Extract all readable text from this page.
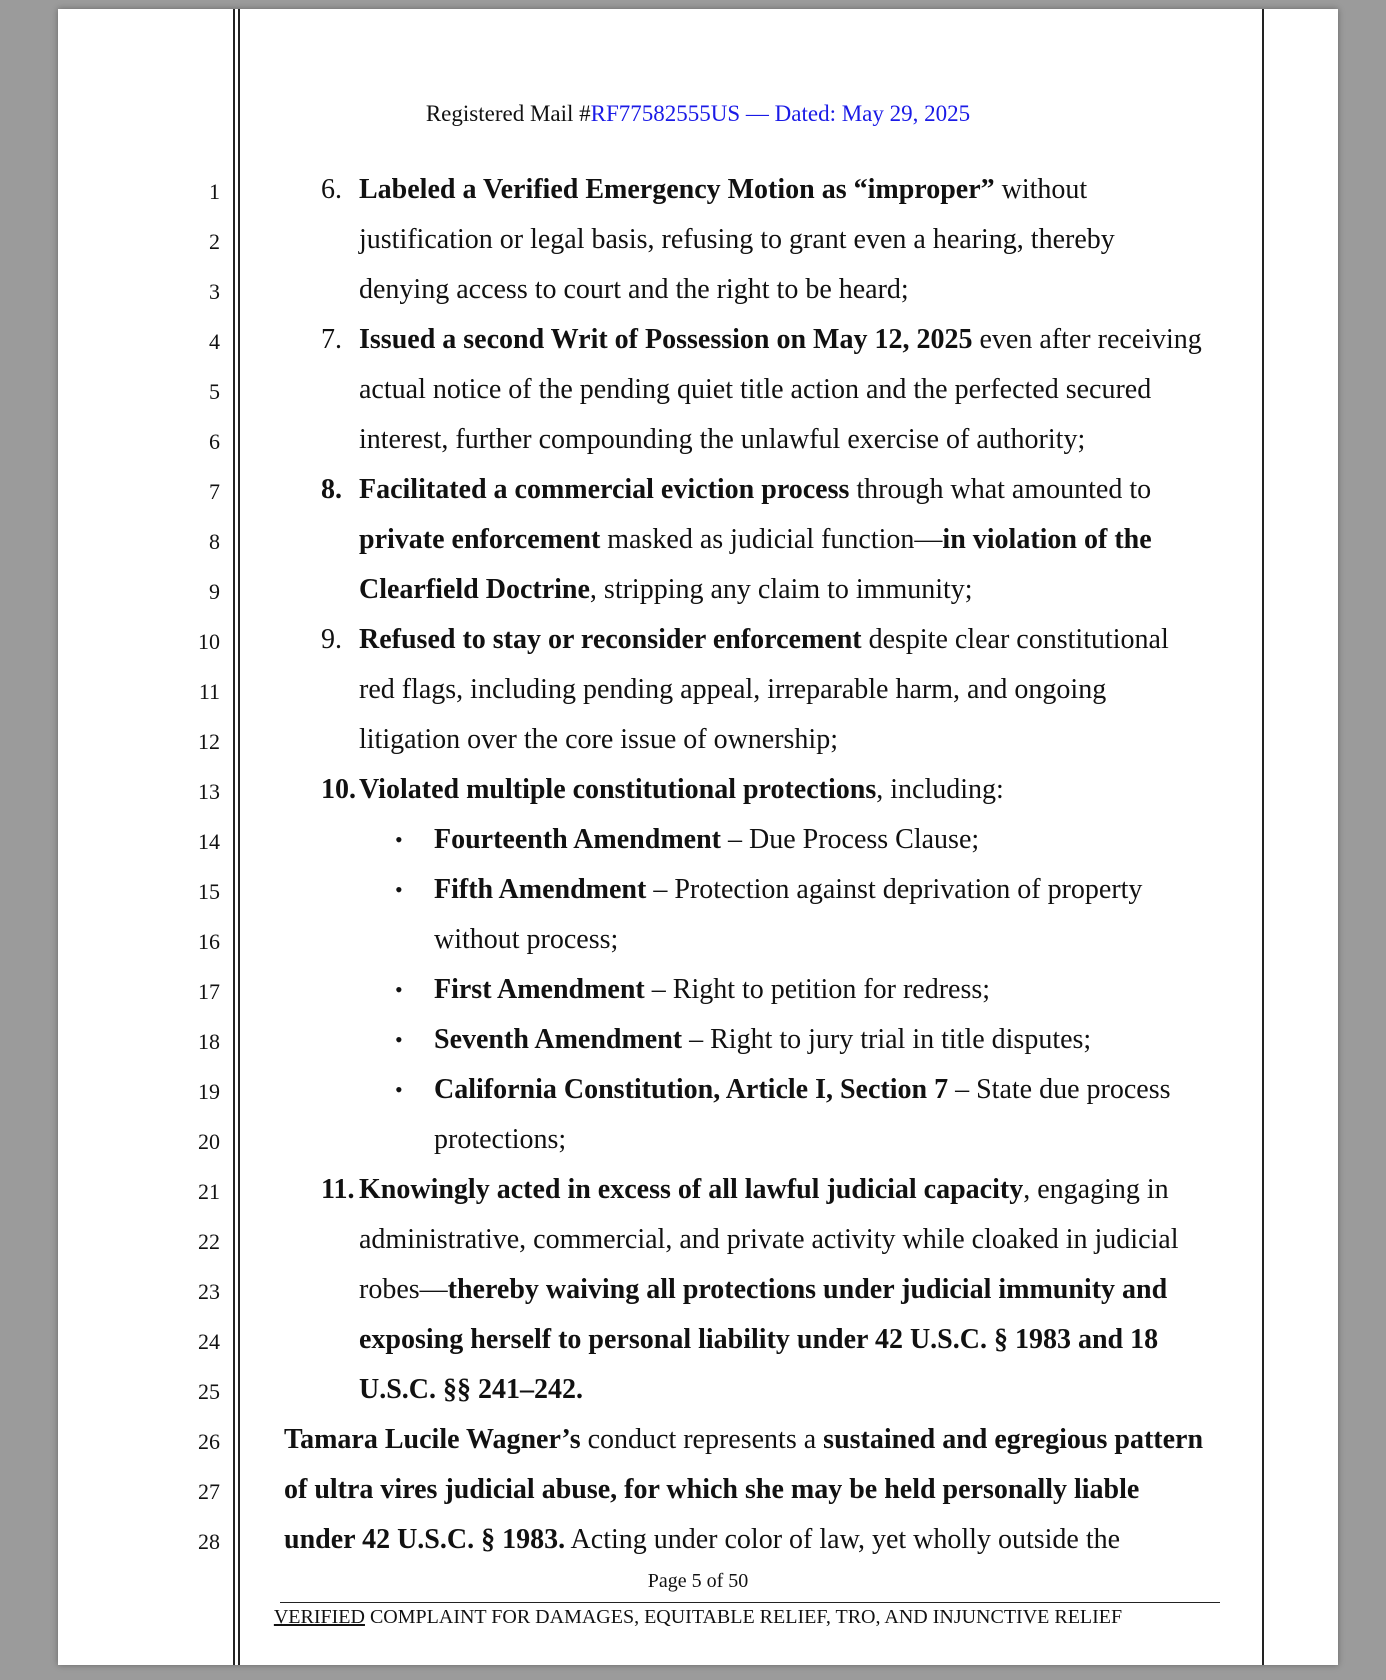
Registered Mail #RF77582555US — Dated: May 29, 2025
1
2
3
4
5
6
7
8
9
10
11
12
13
14
15
16
17
18
19
20
21
22
23
24
25
26
27
28
6. Labeled a Verified Emergency Motion as “improper” without
justification or legal basis, refusing to grant even a hearing, thereby
denying access to court and the right to be heard;
7. Issued a second Writ of Possession on May 12, 2025 even after receiving
actual notice of the pending quiet title action and the perfected secured
interest, further compounding the unlawful exercise of authority;
8. Facilitated a commercial eviction process through what amounted to
private enforcement masked as judicial function—in violation of the
Clearfield Doctrine, stripping any claim to immunity;
9. Refused to stay or reconsider enforcement despite clear constitutional
red flags, including pending appeal, irreparable harm, and ongoing
litigation over the core issue of ownership;
10. Violated multiple constitutional protections, including:
• Fourteenth Amendment – Due Process Clause;
• Fifth Amendment – Protection against deprivation of property
without process;
• First Amendment – Right to petition for redress;
• Seventh Amendment – Right to jury trial in title disputes;
• California Constitution, Article I, Section 7 – State due process
protections;
11. Knowingly acted in excess of all lawful judicial capacity, engaging in
administrative, commercial, and private activity while cloaked in judicial
robes—thereby waiving all protections under judicial immunity and
exposing herself to personal liability under 42 U.S.C. § 1983 and 18
U.S.C. §§ 241–242.
Tamara Lucile Wagner’s conduct represents a sustained and egregious pattern
of ultra vires judicial abuse, for which she may be held personally liable
under 42 U.S.C. § 1983. Acting under color of law, yet wholly outside the
Page 5 of 50
VERIFIED COMPLAINT FOR DAMAGES, EQUITABLE RELIEF, TRO, AND INJUNCTIVE RELIEF
